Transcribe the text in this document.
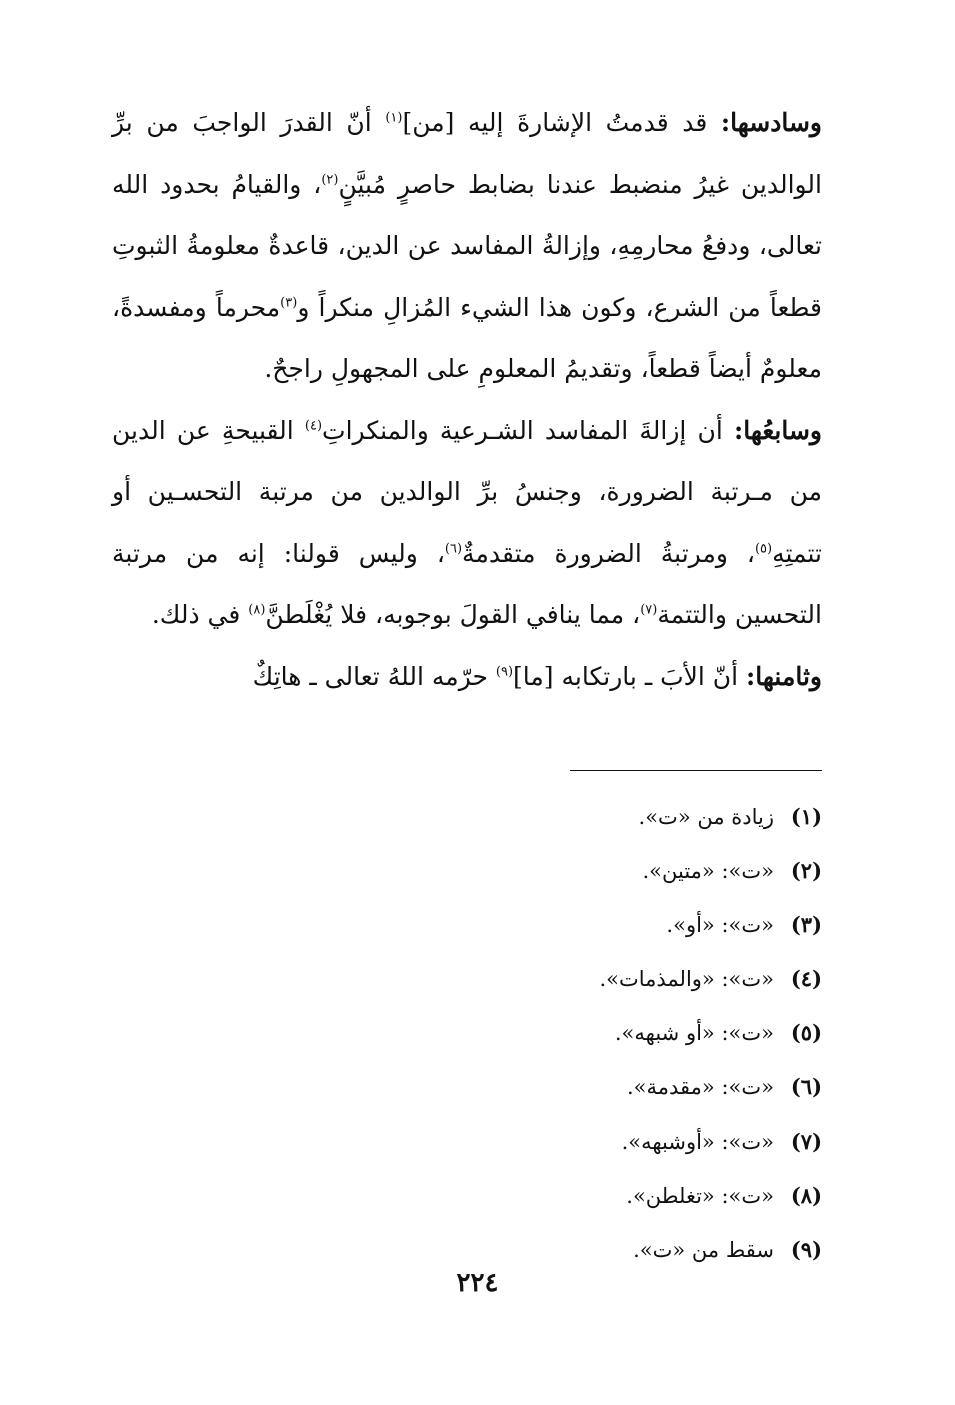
وسادسها: قد قدمتُ الإشارةَ إليه [من]$^{(١)}$ أنّ القدرَ الواجبَ من برِّ الوالدين غيرُ منضبط عندنا بضابط حاصرٍ مُبيَّنٍ$^{(٢)}$، والقيامُ بحدود الله تعالى، ودفعُ محارمِهِ، وإزالةُ المفاسد عن الدين، قاعدةٌ معلومةُ الثبوتِ قطعاً من الشرع، وكون هذا الشيء المُزالِ منكراً و$^{(٣)}$محرماً ومفسدةً، معلومٌ أيضاً قطعاً، وتقديمُ المعلومِ على المجهولِ راجحٌ.

وسابعُها: أن إزالةَ المفاسد الشـرعية والمنكراتِ$^{(٤)}$ القبيحةِ عن الدين من مـرتبة الضرورة، وجنسُ برِّ الوالدين من مرتبة التحسـين أو تتمتِهِ$^{(٥)}$، ومرتبةُ الضرورة متقدمةٌ$^{(٦)}$، وليس قولنا: إنه من مرتبة التحسين والتتمة$^{(٧)}$، مما ينافي القولَ بوجوبه، فلا يُغْلَطنَّ$^{(٨)}$ في ذلك.

وثامنها: أنّ الأبَ ـ بارتكابه [ما]$^{(٩)}$ حرّمه اللهُ تعالى ـ هاتِكٌ

(١)زيادة من «ت».
(٢)«ت»: «متين».
(٣)«ت»: «أو».
(٤)«ت»: «والمذمات».
(٥)«ت»: «أو شبهه».
(٦)«ت»: «مقدمة».
(٧)«ت»: «أوشبهه».
(٨)«ت»: «تغلطن».
(٩)سقط من «ت».
٢٢٤
